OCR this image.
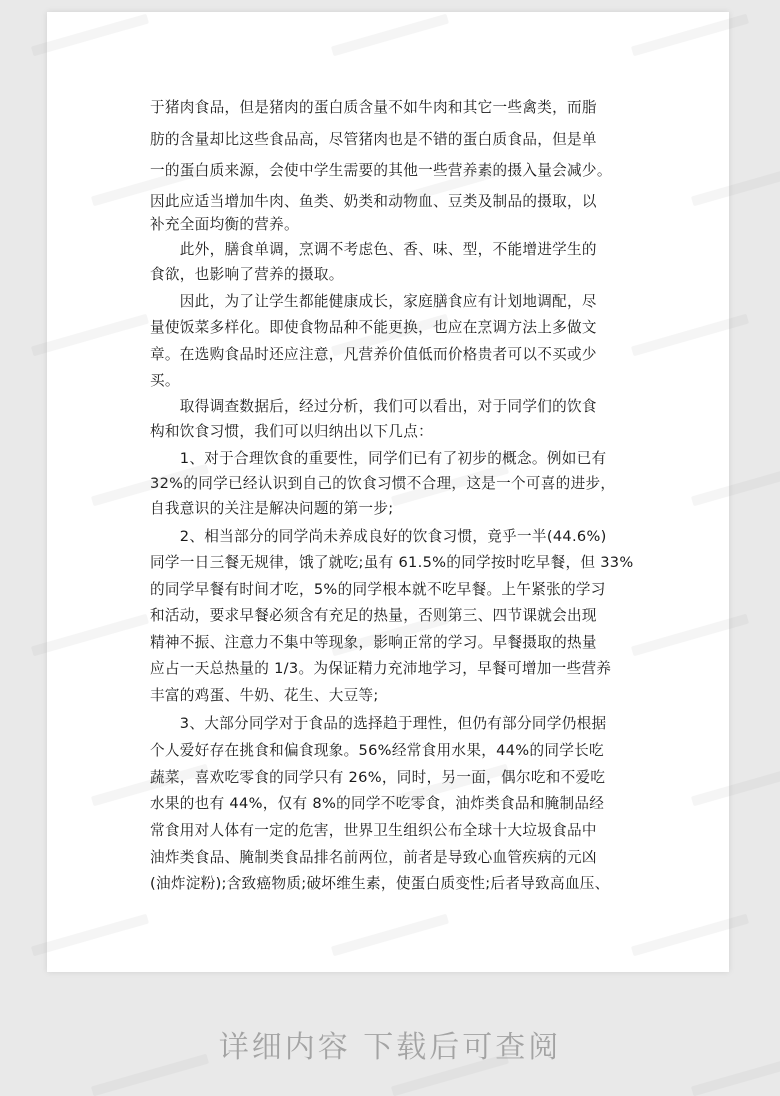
于猪肉食品，但是猪肉的蛋白质含量不如牛肉和其它一些禽类，而脂
肪的含量却比这些食品高，尽管猪肉也是不错的蛋白质食品，但是单
一的蛋白质来源，会使中学生需要的其他一些营养素的摄入量会减少。
因此应适当增加牛肉、鱼类、奶类和动物血、豆类及制品的摄取，以
补充全面均衡的营养。
　　此外，膳食单调，烹调不考虑色、香、味、型，不能增进学生的
食欲，也影响了营养的摄取。
　　因此，为了让学生都能健康成长，家庭膳食应有计划地调配，尽
量使饭菜多样化。即使食物品种不能更换，也应在烹调方法上多做文
章。在选购食品时还应注意，凡营养价值低而价格贵者可以不买或少
买。
　　取得调查数据后，经过分析，我们可以看出，对于同学们的饮食
构和饮食习惯，我们可以归纳出以下几点：
　　1、对于合理饮食的重要性，同学们已有了初步的概念。例如已有
32%的同学已经认识到自己的饮食习惯不合理，这是一个可喜的进步，
自我意识的关注是解决问题的第一步;
　　2、相当部分的同学尚未养成良好的饮食习惯，竟乎一半(44.6%)
同学一日三餐无规律，饿了就吃;虽有 61.5%的同学按时吃早餐，但 33%
的同学早餐有时间才吃，5%的同学根本就不吃早餐。上午紧张的学习
和活动，要求早餐必须含有充足的热量，否则第三、四节课就会出现
精神不振、注意力不集中等现象，影响正常的学习。早餐摄取的热量
应占一天总热量的 1/3。为保证精力充沛地学习，早餐可增加一些营养
丰富的鸡蛋、牛奶、花生、大豆等;
　　3、大部分同学对于食品的选择趋于理性，但仍有部分同学仍根据
个人爱好存在挑食和偏食现象。56%经常食用水果，44%的同学长吃
蔬菜，喜欢吃零食的同学只有 26%，同时，另一面，偶尔吃和不爱吃
水果的也有 44%，仅有 8%的同学不吃零食，油炸类食品和腌制品经
常食用对人体有一定的危害，世界卫生组织公布全球十大垃圾食品中
油炸类食品、腌制类食品排名前两位，前者是导致心血管疾病的元凶
(油炸淀粉);含致癌物质;破坏维生素，使蛋白质变性;后者导致高血压、
详细内容 下载后可查阅
